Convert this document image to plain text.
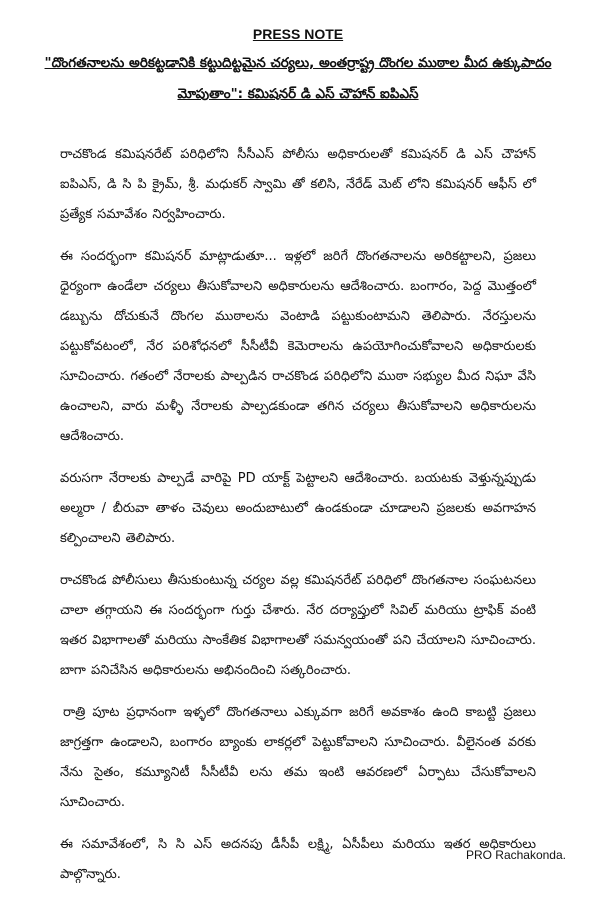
PRESS NOTE
"దొంగతనాలను అరికట్టడానికి కట్టుదిట్టమైన చర్యలు, అంతర్రాష్ట్ర దొంగల ముఠాల మీద ఉక్కుపాదం మోపుతాం": కమిషనర్ డి ఎస్ చౌహాన్ ఐపిఎస్

రాచకొండ కమిషనరేట్ పరిధిలోని సీసీఎస్ పోలీసు అధికారులతో కమిషనర్ డి ఎస్ చౌహాన్ ఐపిఎస్, డి సి పి క్రైమ్, శ్రీ. మధుకర్ స్వామి తో కలిసి, నేరేడ్ మెట్ లోని కమిషనర్ ఆఫీస్ లో ప్రత్యేక సమావేశం నిర్వహించారు.

ఈ సందర్భంగా కమిషనర్ మాట్లాడుతూ... ఇళ్లలో జరిగే దొంగతనాలను అరికట్టాలని, ప్రజలు ధైర్యంగా ఉండేలా చర్యలు తీసుకోవాలని అధికారులను ఆదేశించారు. బంగారం, పెద్ద మొత్తంలో డబ్బును దోచుకునే దొంగల ముఠాలను వెంటాడి పట్టుకుంటామని తెలిపారు. నేరస్తులను పట్టుకోవటంలో, నేర పరిశోధనలో సీసీటీవీ కెమెరాలను ఉపయోగించుకోవాలని అధికారులకు సూచించారు. గతంలో నేరాలకు పాల్పడిన రాచకొండ పరిధిలోని ముఠా సభ్యుల మీద నిఘా వేసి ఉంచాలని, వారు మళ్ళీ నేరాలకు పాల్పడకుండా తగిన చర్యలు తీసుకోవాలని అధికారులను ఆదేశించారు.

వరుసగా నేరాలకు పాల్పడే వారిపై PD యాక్ట్ పెట్టాలని ఆదేశించారు. బయటకు వెళ్తున్నప్పుడు అల్మరా / బీరువా తాళం చెవులు అందుబాటులో ఉండకుండా చూడాలని ప్రజలకు అవగాహన కల్పించాలని తెలిపారు.

రాచకొండ పోలీసులు తీసుకుంటున్న చర్యల వల్ల కమిషనరేట్ పరిధిలో దొంగతనాల సంఘటనలు చాలా తగ్గాయని ఈ సందర్భంగా గుర్తు చేశారు. నేర దర్యాప్తులో సివిల్ మరియు ట్రాఫిక్ వంటి ఇతర విభాగాలతో మరియు సాంకేతిక విభాగాలతో సమన్వయంతో పని చేయాలని సూచించారు. బాగా పనిచేసిన అధికారులను అభినందించి సత్కరించారు.

రాత్రి పూట ప్రధానంగా ఇళ్ళలో దొంగతనాలు ఎక్కువగా జరిగే అవకాశం ఉంది కాబట్టి ప్రజలు జాగ్రత్తగా ఉండాలని, బంగారం బ్యాంకు లాకర్లలో పెట్టుకోవాలని సూచించారు. వీలైనంత వరకు నేను సైతం, కమ్యూనిటీ సీసీటీవీ లను తమ ఇంటి ఆవరణలో ఏర్పాటు చేసుకోవాలని సూచించారు.

ఈ సమావేశంలో, సి సి ఎస్ అదనపు డీసీపీ లక్ష్మి, ఏసీపీలు మరియు ఇతర అధికారులు పాల్గొన్నారు.

PRO Rachakonda.
